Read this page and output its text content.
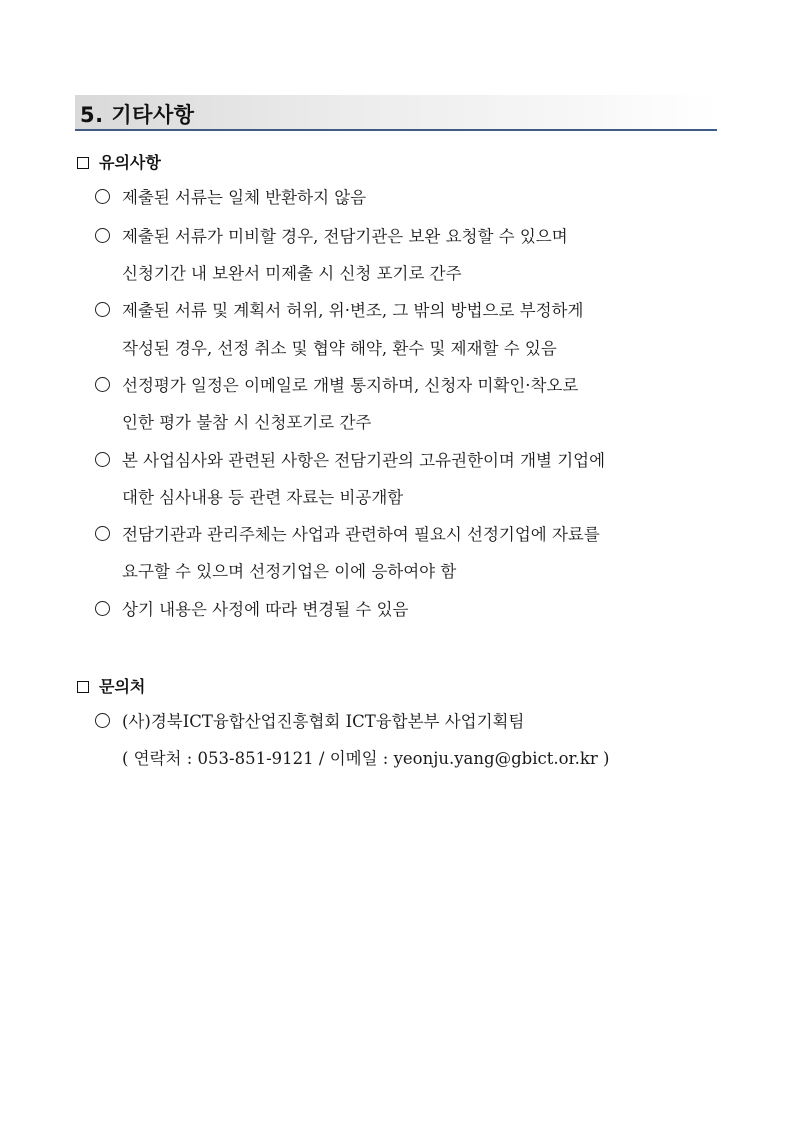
5. 기타사항
유의사항
제출된 서류는 일체 반환하지 않음
제출된 서류가 미비할 경우, 전담기관은 보완 요청할 수 있으며
신청기간 내 보완서 미제출 시 신청 포기로 간주
제출된 서류 및 계획서 허위, 위·변조, 그 밖의 방법으로 부정하게
작성된 경우, 선정 취소 및 협약 해약, 환수 및 제재할 수 있음
선정평가 일정은 이메일로 개별 통지하며, 신청자 미확인·착오로
인한 평가 불참 시 신청포기로 간주
본 사업심사와 관련된 사항은 전담기관의 고유권한이며 개별 기업에
대한 심사내용 등 관련 자료는 비공개함
전담기관과 관리주체는 사업과 관련하여 필요시 선정기업에 자료를
요구할 수 있으며 선정기업은 이에 응하여야 함
상기 내용은 사정에 따라 변경될 수 있음
문의처
(사)경북ICT융합산업진흥협회 ICT융합본부 사업기획팀
( 연락처 : 053-851-9121 / 이메일 : yeonju.yang@gbict.or.kr )
